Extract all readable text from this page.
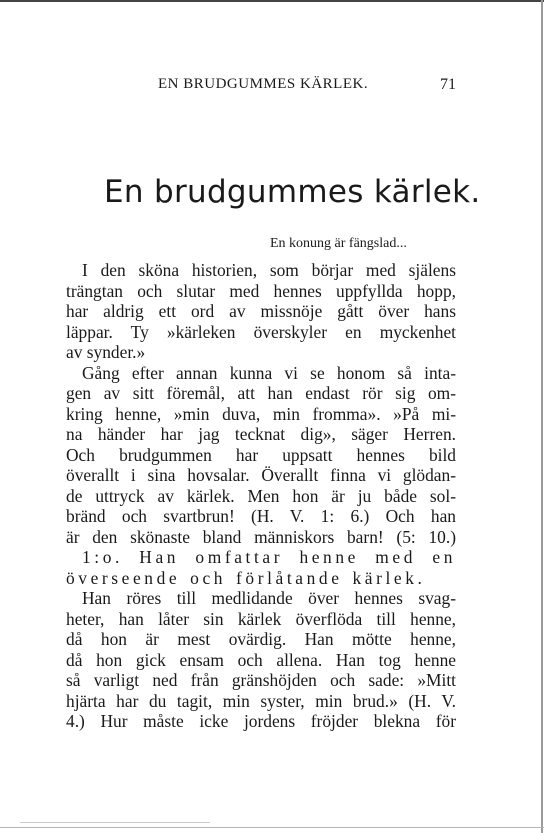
EN BRUDGUMMES KÄRLEK.	71
En brudgummes kärlek.
En konung är fängslad...
I den sköna historien, som börjar med själens
trängtan och slutar med hennes uppfyllda hopp,
har aldrig ett ord av missnöje gått över hans
läppar. Ty »kärleken överskyler en myckenhet
av synder.»
Gång efter annan kunna vi se honom så inta-
gen av sitt föremål, att han endast rör sig om-
kring henne, »min duva, min fromma». »På mi-
na händer har jag tecknat dig», säger Herren.
Och brudgummen har uppsatt hennes bild
överallt i sina hovsalar. Överallt finna vi glödan-
de uttryck av kärlek. Men hon är ju både sol-
bränd och svartbrun! (H. V. 1: 6.) Och han
är den skönaste bland människors barn! (5: 10.)
1:o. Han omfattar henne med en
överseende och förlåtande kärlek.
Han röres till medlidande över hennes svag-
heter, han låter sin kärlek överflöda till henne,
då hon är mest ovärdig. Han mötte henne,
då hon gick ensam och allena. Han tog henne
så varligt ned från gränshöjden och sade: »Mitt
hjärta har du tagit, min syster, min brud.» (H. V.
4.) Hur måste icke jordens fröjder blekna för
